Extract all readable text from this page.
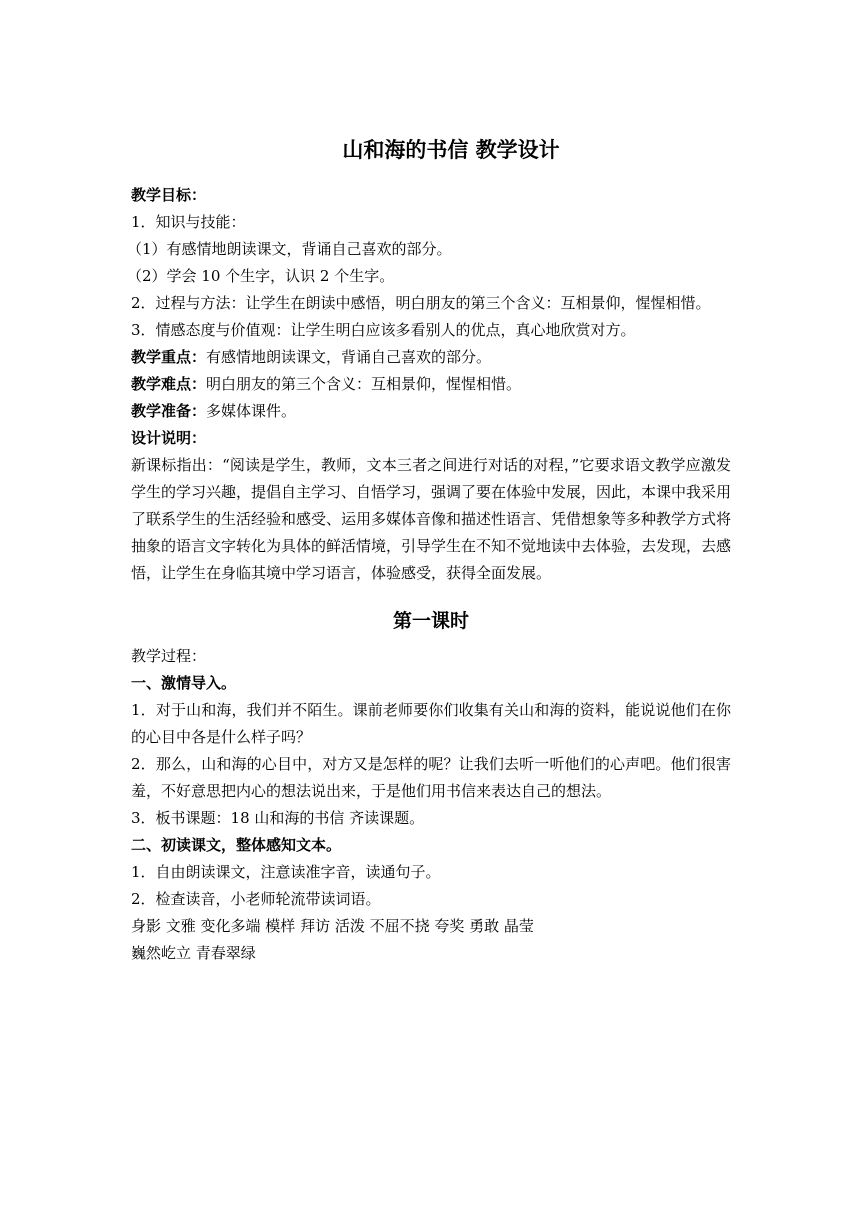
山和海的书信 教学设计

教学目标：

1．知识与技能：

（1）有感情地朗读课文，背诵自己喜欢的部分。

（2）学会 10 个生字，认识 2 个生字。

2．过程与方法：让学生在朗读中感悟，明白朋友的第三个含义：互相景仰，惺惺相惜。

3．情感态度与价值观：让学生明白应该多看别人的优点，真心地欣赏对方。

教学重点：有感情地朗读课文，背诵自己喜欢的部分。

教学难点：明白朋友的第三个含义：互相景仰，惺惺相惜。

教学准备：多媒体课件。

设计说明：

新课标指出：“阅读是学生，教师，文本三者之间进行对话的对程，”它要求语文教学应激发学生的学习兴趣，提倡自主学习、自悟学习，强调了要在体验中发展，因此，本课中我采用了联系学生的生活经验和感受、运用多媒体音像和描述性语言、凭借想象等多种教学方式将抽象的语言文字转化为具体的鲜活情境，引导学生在不知不觉地读中去体验，去发现，去感悟，让学生在身临其境中学习语言，体验感受，获得全面发展。

第一课时

教学过程：

一、激情导入。

1．对于山和海，我们并不陌生。课前老师要你们收集有关山和海的资料，能说说他们在你的心目中各是什么样子吗？

2．那么，山和海的心目中，对方又是怎样的呢？让我们去听一听他们的心声吧。他们很害羞，不好意思把内心的想法说出来，于是他们用书信来表达自己的想法。

3．板书课题：18 山和海的书信 齐读课题。

二、初读课文，整体感知文本。

1．自由朗读课文，注意读准字音，读通句子。

2．检查读音，小老师轮流带读词语。

身影 文雅 变化多端 模样 拜访 活泼 不屈不挠 夸奖 勇敢 晶莹

巍然屹立 青春翠绿
